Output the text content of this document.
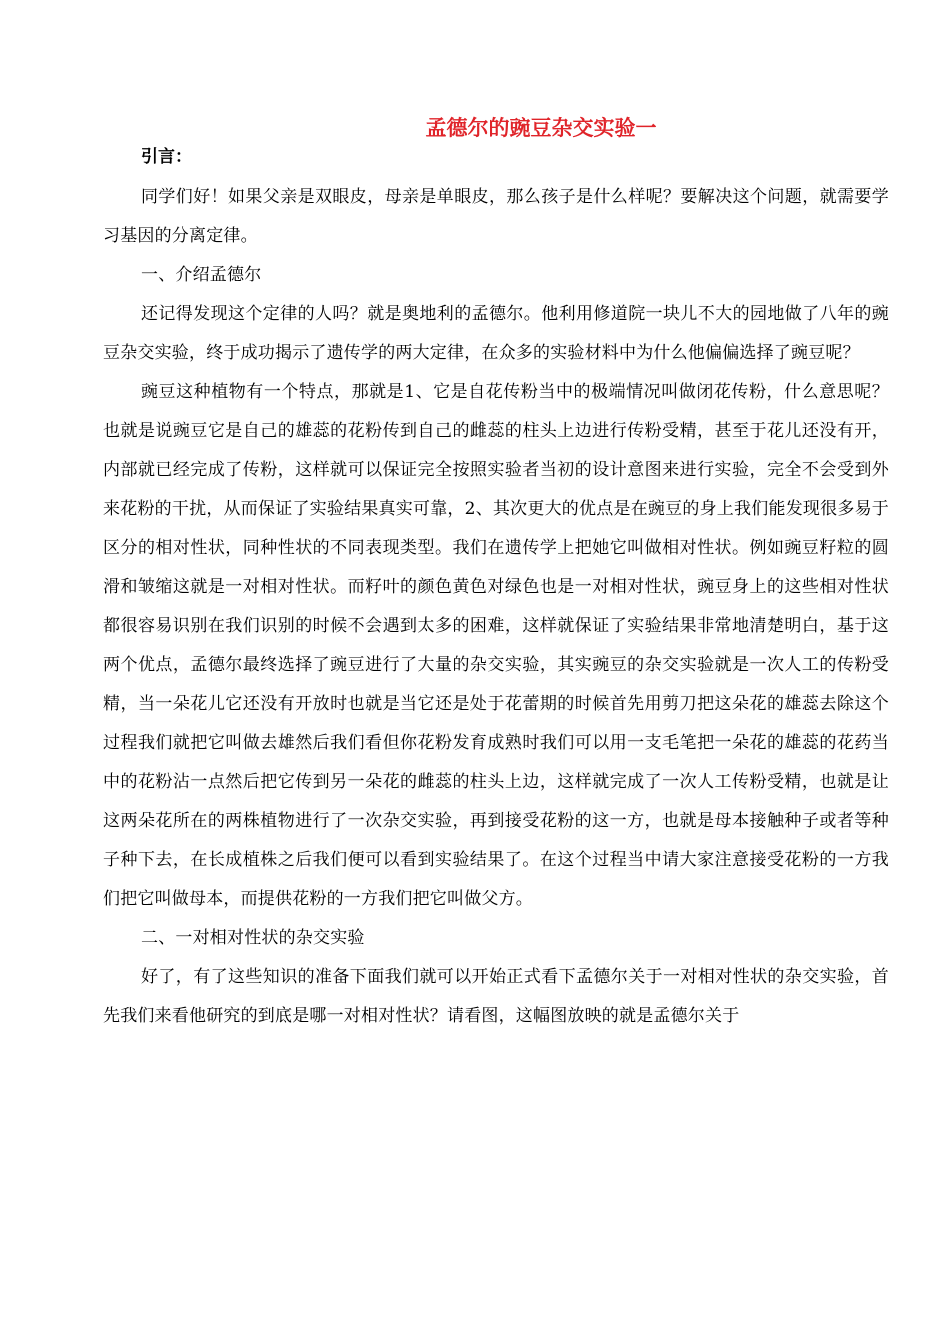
孟德尔的豌豆杂交实验一
引言：

同学们好！如果父亲是双眼皮，母亲是单眼皮，那么孩子是什么样呢？要解决这个问题，就需要学习基因的分离定律。

一、介绍孟德尔

还记得发现这个定律的人吗？就是奥地利的孟德尔。他利用修道院一块儿不大的园地做了八年的豌豆杂交实验，终于成功揭示了遗传学的两大定律，在众多的实验材料中为什么他偏偏选择了豌豆呢？

豌豆这种植物有一个特点，那就是1、它是自花传粉当中的极端情况叫做闭花传粉，什么意思呢？也就是说豌豆它是自己的雄蕊的花粉传到自己的雌蕊的柱头上边进行传粉受精，甚至于花儿还没有开，内部就已经完成了传粉，这样就可以保证完全按照实验者当初的设计意图来进行实验，完全不会受到外来花粉的干扰，从而保证了实验结果真实可靠，2、其次更大的优点是在豌豆的身上我们能发现很多易于区分的相对性状，同种性状的不同表现类型。我们在遗传学上把她它叫做相对性状。例如豌豆籽粒的圆滑和皱缩这就是一对相对性状。而籽叶的颜色黄色对绿色也是一对相对性状，豌豆身上的这些相对性状都很容易识别在我们识别的时候不会遇到太多的困难，这样就保证了实验结果非常地清楚明白，基于这两个优点，孟德尔最终选择了豌豆进行了大量的杂交实验，其实豌豆的杂交实验就是一次人工的传粉受精，当一朵花儿它还没有开放时也就是当它还是处于花蕾期的时候首先用剪刀把这朵花的雄蕊去除这个过程我们就把它叫做去雄然后我们看但你花粉发育成熟时我们可以用一支毛笔把一朵花的雄蕊的花药当中的花粉沾一点然后把它传到另一朵花的雌蕊的柱头上边，这样就完成了一次人工传粉受精，也就是让这两朵花所在的两株植物进行了一次杂交实验，再到接受花粉的这一方，也就是母本接触种子或者等种子种下去，在长成植株之后我们便可以看到实验结果了。在这个过程当中请大家注意接受花粉的一方我们把它叫做母本，而提供花粉的一方我们把它叫做父方。

二、一对相对性状的杂交实验

好了，有了这些知识的准备下面我们就可以开始正式看下孟德尔关于一对相对性状的杂交实验，首先我们来看他研究的到底是哪一对相对性状？请看图，这幅图放映的就是孟德尔关于
